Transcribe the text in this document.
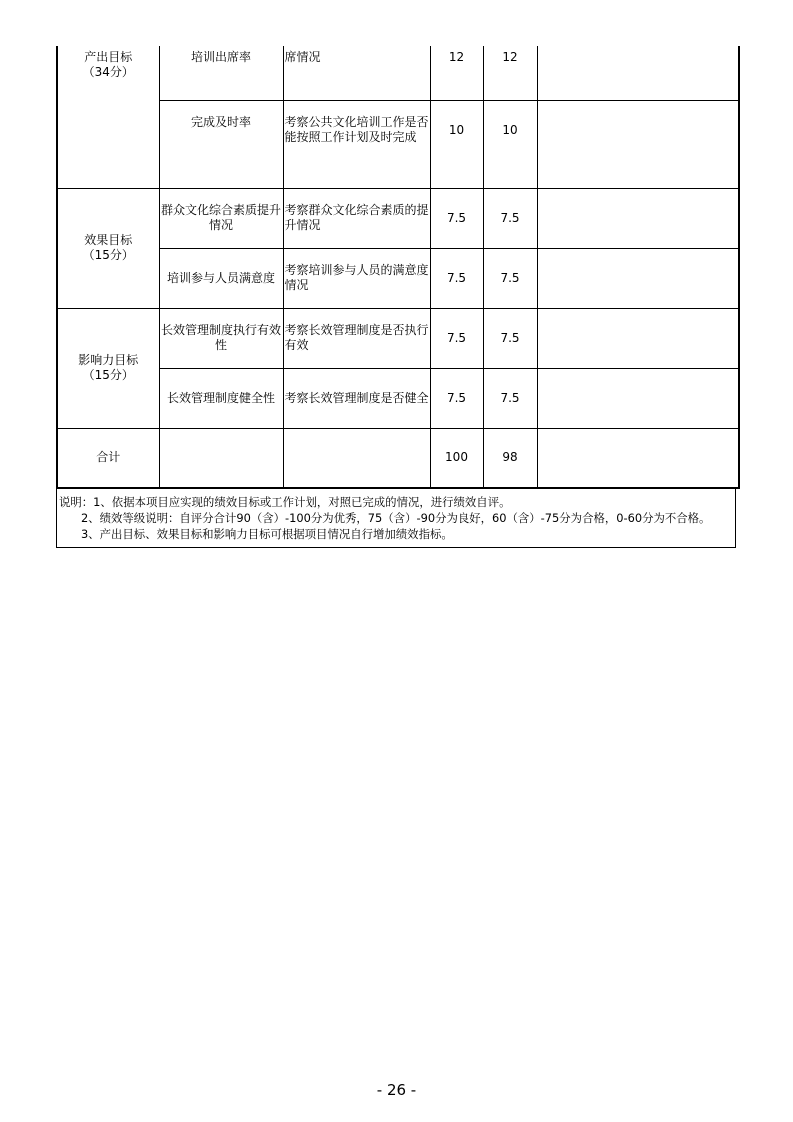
产出目标
（34分）	培训出席率	席情况	12	12	
	完成及时率	考察公共文化培训工作是否能按照工作计划及时完成	10	10	

效果目标
（15分）	群众文化综合素质提升情况	考察群众文化综合素质的提升情况	7.5	7.5	
	培训参与人员满意度	考察培训参与人员的满意度情况	7.5	7.5	

影响力目标
（15分）	长效管理制度执行有效性	考察长效管理制度是否执行有效	7.5	7.5	
	长效管理制度健全性	考察长效管理制度是否健全	7.5	7.5	
合计			100	98	
说明：1、依据本项目应实现的绩效目标或工作计划，对照已完成的情况，进行绩效自评。
2、绩效等级说明：自评分合计90（含）-100分为优秀，75（含）-90分为良好，60（含）-75分为合格，0-60分为不合格。
3、产出目标、效果目标和影响力目标可根据项目情况自行增加绩效指标。
- 26 -
